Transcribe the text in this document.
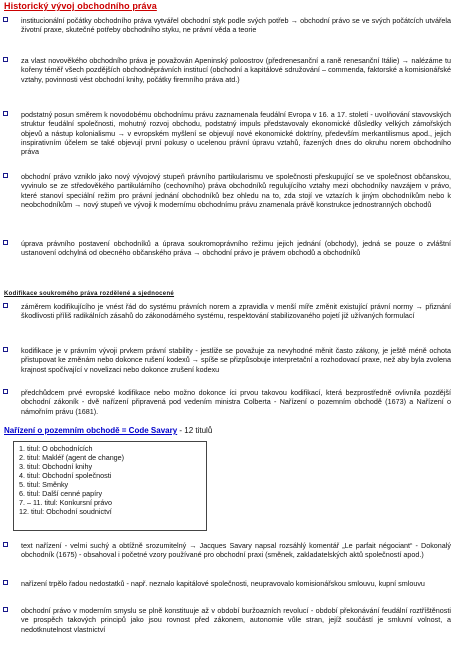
Historický vývoj obchodního práva
institucionální počátky obchodního práva vytvářel obchodní styk podle svých potřeb → obchodní právo se ve svých počátcích utvářela životní praxe, skutečné potřeby obchodního styku, ne právní věda a teorie
za vlast novověkého obchodního práva je považován Apeninský poloostrov (předrenesanční a raně renesanční Itálie) → nalézáme tu kořeny téměř všech pozdějších obchodněprávních institucí (obchodní a kapitálové sdružování – commenda, faktorské a komisionářské vztahy, povinnosti vést obchodní knihy, počátky firemního práva atd.)
podstatný posun směrem k novodobému obchodnímu právu zaznamenala feudální Evropa v 16. a 17. století - uvolňování stavovských struktur feudální společnosti, mohutný rozvoj obchodu, podstatný impuls představovaly ekonomické důsledky velkých zámořských objevů a nástup kolonialismu → v evropském myšlení se objevují nové ekonomické doktríny, především merkantilismus apod., jejich inspirativním účelem se také objevují první pokusy o ucelenou právní úpravu vztahů, řazených dnes do okruhu norem obchodního práva
obchodní právo vzniklo jako nový vývojový stupeň právního partikularismu ve společnosti přeskupující se ve společnost občanskou, vyvinulo se ze středověkého partikulárního (cechovního) práva obchodníků regulujícího vztahy mezi obchodníky navzájem v právo, které stanoví speciální režim pro právní jednání obchodníků bez ohledu na to, zda stojí ve vztazích k jiným obchodníkům nebo k neobchodníkům → nový stupeň ve vývoji k modernímu obchodnímu právu znamenala právě konstrukce jednostranných obchodů
úprava právního postavení obchodníků a úprava soukromoprávního režimu jejich jednání (obchody), jedná se pouze o zvláštní ustanovení odchylná od obecného občanského práva → obchodní právo je právem obchodů a obchodníků
Kodifikace soukromého práva rozdělené a sjednocené
záměrem kodifikujícího je vnést řád do systému právních norem a zpravidla v menší míře změnit existující právní normy → přiznání škodlivosti příliš radikálních zásahů do zákonodárného systému, respektování stabilizovaného pojetí již užívaných formulací
kodifikace je v právním vývoji prvkem právní stability - jestliže se považuje za nevyhodné měnit často zákony, je ještě méně ochota přistupovat ke změnám nebo dokonce rušení kodexů → spíše se přizpůsobuje interpretační a rozhodovací praxe, než aby byla zvolena krajnost spočívající v novelizaci nebo dokonce zrušení kodexu
předchůdcem prvé evropské kodifikace nebo možno dokonce íci prvou takovou kodifikací, která bezprostředně ovlivnila pozdější obchodní zákoník - dvě nařízení připravená pod vedením ministra Colberta - Nařízení o pozemním obchodě (1673) a Nařízení o námořním právu (1681).
Nařízení o pozemním obchodě = Code Savary - 12 titulů
1. titul: O obchodnících
2. titul: Makléř (agent de change)
3. titul: Obchodní knihy
4. titul: Obchodní společnosti
5. titul: Směnky
6. titul: Další cenné papíry
7. – 11. titul: Konkursní právo
12. titul: Obchodní soudnictví
text nařízení - velmi suchý a obtížně srozumitelný → Jacques Savary napsal rozsáhlý komentář „Le parfait négociant“ - Dokonalý obchodník (1675) - obsahoval i početné vzory používané pro obchodní praxi (směnek, zakladatelských aktů společností apod.)
nařízení trpělo řadou nedostatků - např. neznalo kapitálové společnosti, neupravovalo komisionářskou smlouvu, kupní smlouvu
obchodní právo v moderním smyslu se plně konstituuje až v období buržoazních revolucí - období překonávání feudální roztříštěnosti ve prospěch takových principů jako jsou rovnost před zákonem, autonomie vůle stran, jejíž součástí je smluvní volnost, a nedotknutelnost vlastnictví
